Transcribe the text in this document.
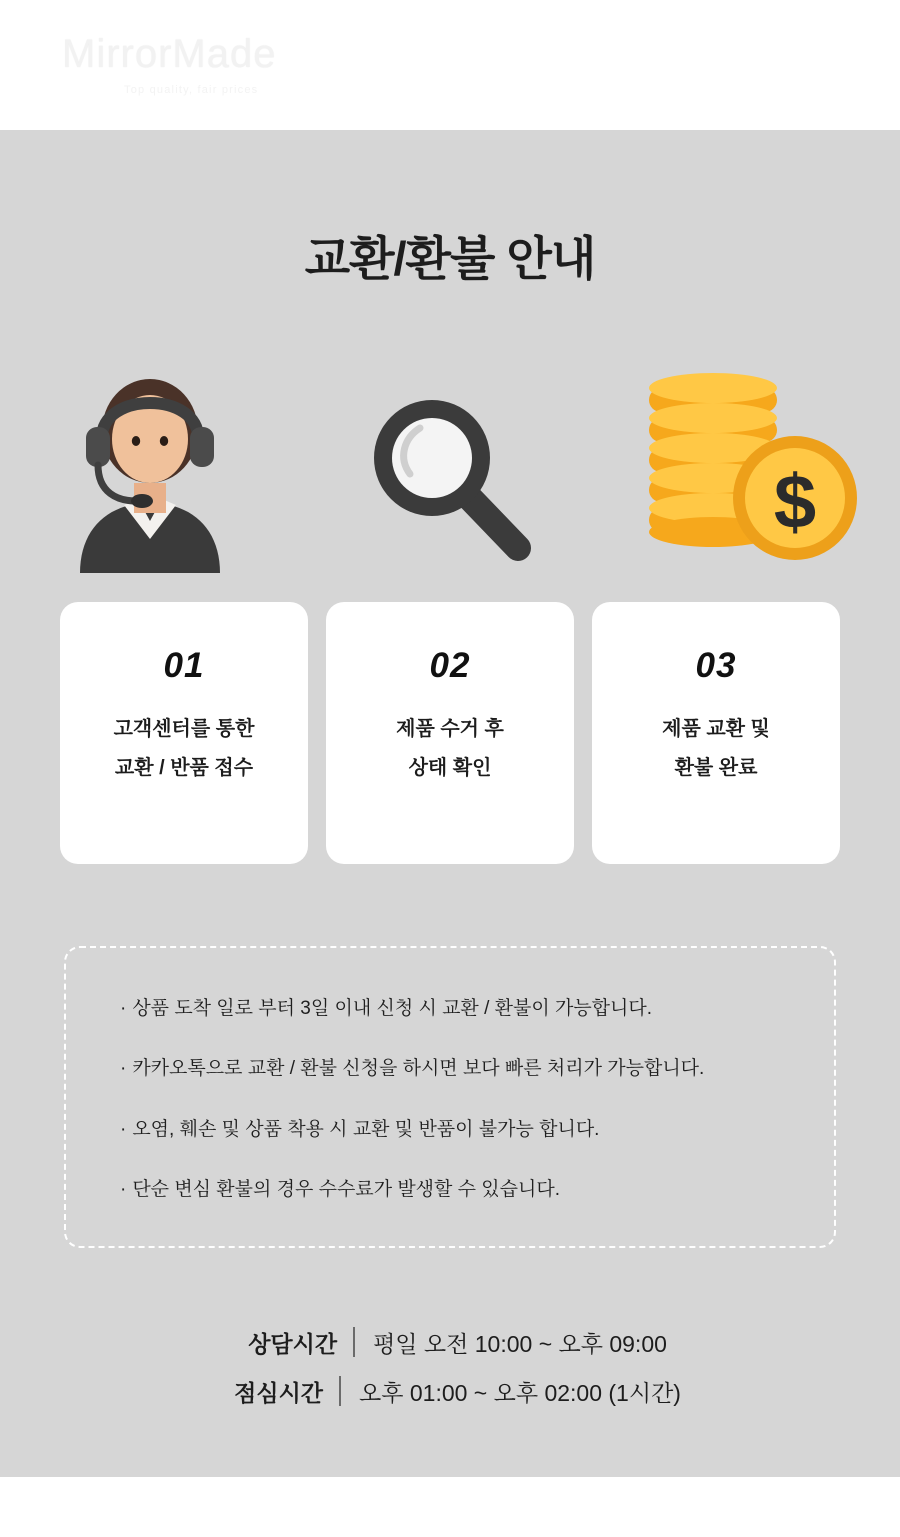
MirrorMade
Top quality, fair prices
교환/환불 안내
$
01
고객센터를 통한
교환 / 반품 접수
02
제품 수거 후
상태 확인
03
제품 교환 및
환불 완료
· 상품 도착 일로 부터 3일 이내 신청 시 교환 / 환불이 가능합니다.
· 카카오톡으로 교환 / 환불 신청을 하시면 보다 빠른 처리가 가능합니다.
· 오염, 훼손 및 상품 착용 시 교환 및 반품이 불가능 합니다.
· 단순 변심 환불의 경우 수수료가 발생할 수 있습니다.
상담시간	평일 오전 10:00 ~ 오후 09:00
점심시간	오후 01:00 ~ 오후 02:00 (1시간)
